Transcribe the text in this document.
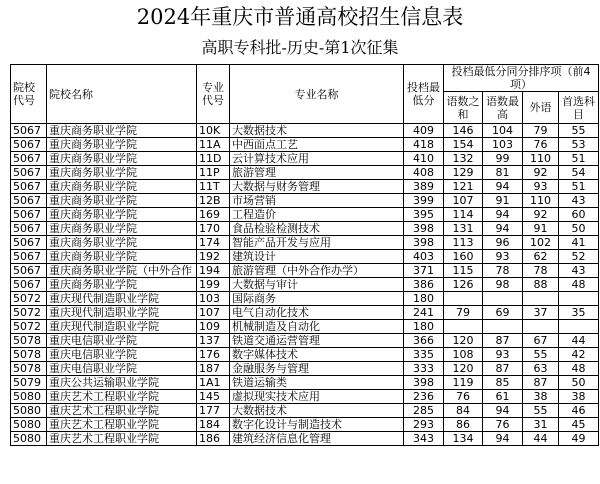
2024年重庆市普通高校招生信息表
高职专科批-历史-第1次征集
院校代号	院校名称	专业代号	专业名称	投档最低分	投档最低分同分排序项（前4项）			
					语数之和	语数最高	外语	首选科目
5067	重庆商务职业学院	10K	大数据技术	409	146	104	79	55
5067	重庆商务职业学院	11A	中西面点工艺	418	154	103	76	53
5067	重庆商务职业学院	11D	云计算技术应用	410	132	99	110	51
5067	重庆商务职业学院	11P	旅游管理	408	129	81	92	54
5067	重庆商务职业学院	11T	大数据与财务管理	389	121	94	93	51
5067	重庆商务职业学院	12B	市场营销	399	107	91	110	43
5067	重庆商务职业学院	169	工程造价	395	114	94	92	60
5067	重庆商务职业学院	170	食品检验检测技术	398	131	94	91	50
5067	重庆商务职业学院	174	智能产品开发与应用	398	113	96	102	41
5067	重庆商务职业学院	192	建筑设计	403	160	93	62	52
5067	重庆商务职业学院（中外合作	194	旅游管理（中外合作办学）	371	115	78	78	43
5067	重庆商务职业学院	199	大数据与审计	386	126	98	88	48
5072	重庆现代制造职业学院	103	国际商务	180				
5072	重庆现代制造职业学院	107	电气自动化技术	241	79	69	37	35
5072	重庆现代制造职业学院	109	机械制造及自动化	180				
5078	重庆电信职业学院	137	铁道交通运营管理	366	120	87	67	44
5078	重庆电信职业学院	176	数字媒体技术	335	108	93	55	42
5078	重庆电信职业学院	187	金融服务与管理	333	120	87	63	48
5079	重庆公共运输职业学院	1A1	铁道运输类	398	119	85	87	50
5080	重庆艺术工程职业学院	145	虚拟现实技术应用	236	76	61	38	38
5080	重庆艺术工程职业学院	177	大数据技术	285	84	94	55	46
5080	重庆艺术工程职业学院	184	数字化设计与制造技术	293	86	76	31	45
5080	重庆艺术工程职业学院	186	建筑经济信息化管理	343	134	94	44	49
